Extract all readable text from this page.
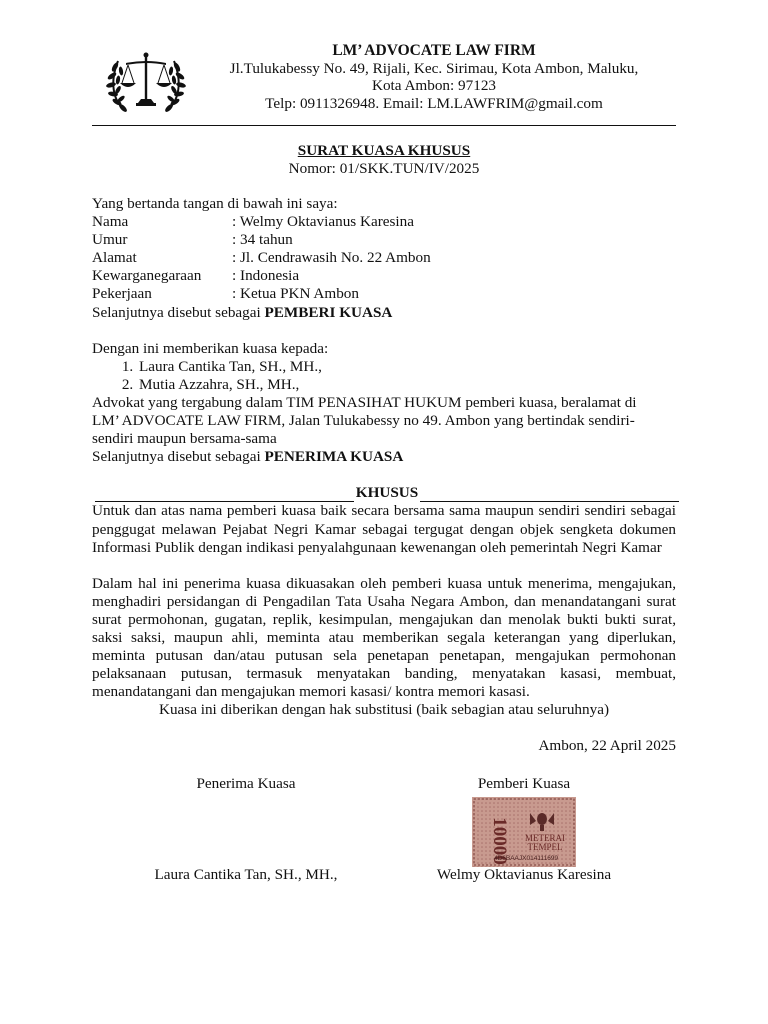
LM’ ADVOCATE LAW FIRM
Jl.Tulukabessy No. 49, Rijali, Kec. Sirimau, Kota Ambon, Maluku,
Kota Ambon: 97123
Telp: 0911326948. Email: LM.LAWFRIM@gmail.com
SURAT KUASA KHUSUS
Nomor: 01/SKK.TUN/IV/2025
Yang bertanda tangan di bawah ini saya:
Nama	: Welmy Oktavianus Karesina
Umur	: 34 tahun
Alamat	: Jl. Cendrawasih No. 22 Ambon
Kewarganegaraan	: Indonesia
Pekerjaan	: Ketua PKN Ambon
Selanjutnya disebut sebagai PEMBERI KUASA
Dengan ini memberikan kuasa kepada:
1. Laura Cantika Tan, SH., MH.,
2. Mutia Azzahra, SH., MH.,
Advokat yang tergabung dalam TIM PENASIHAT HUKUM pemberi kuasa, beralamat di
LM’ ADVOCATE LAW FIRM, Jalan Tulukabessy no 49. Ambon yang bertindak sendiri-
sendiri maupun bersama-sama
Selanjutnya disebut sebagai PENERIMA KUASA
KHUSUS
Untuk dan atas nama pemberi kuasa baik secara bersama sama maupun sendiri sendiri sebagai penggugat melawan Pejabat Negri Kamar sebagai tergugat dengan objek sengketa dokumen Informasi Publik dengan indikasi penyalahgunaan kewenangan oleh pemerintah Negri Kamar
Dalam hal ini penerima kuasa dikuasakan oleh pemberi kuasa untuk menerima, mengajukan, menghadiri persidangan di Pengadilan Tata Usaha Negara Ambon, dan menandatangani surat surat permohonan, gugatan, replik, kesimpulan, mengajukan dan menolak bukti bukti surat, saksi saksi, maupun ahli, meminta atau memberikan segala keterangan yang diperlukan, meminta putusan dan/atau putusan sela penetapan penetapan, mengajukan permohonan pelaksanaan putusan, termasuk menyatakan banding, menyatakan kasasi, membuat, menandatangani dan mengajukan memori kasasi/ kontra memori kasasi.
Kuasa ini diberikan dengan hak substitusi (baik sebagian atau seluruhnya)
Ambon, 22 April 2025
Penerima Kuasa	Pemberi Kuasa
10000 METERAI
TEMPEL
4D6BAAJX014111699
Laura Cantika Tan, SH., MH.,	Welmy Oktavianus Karesina
